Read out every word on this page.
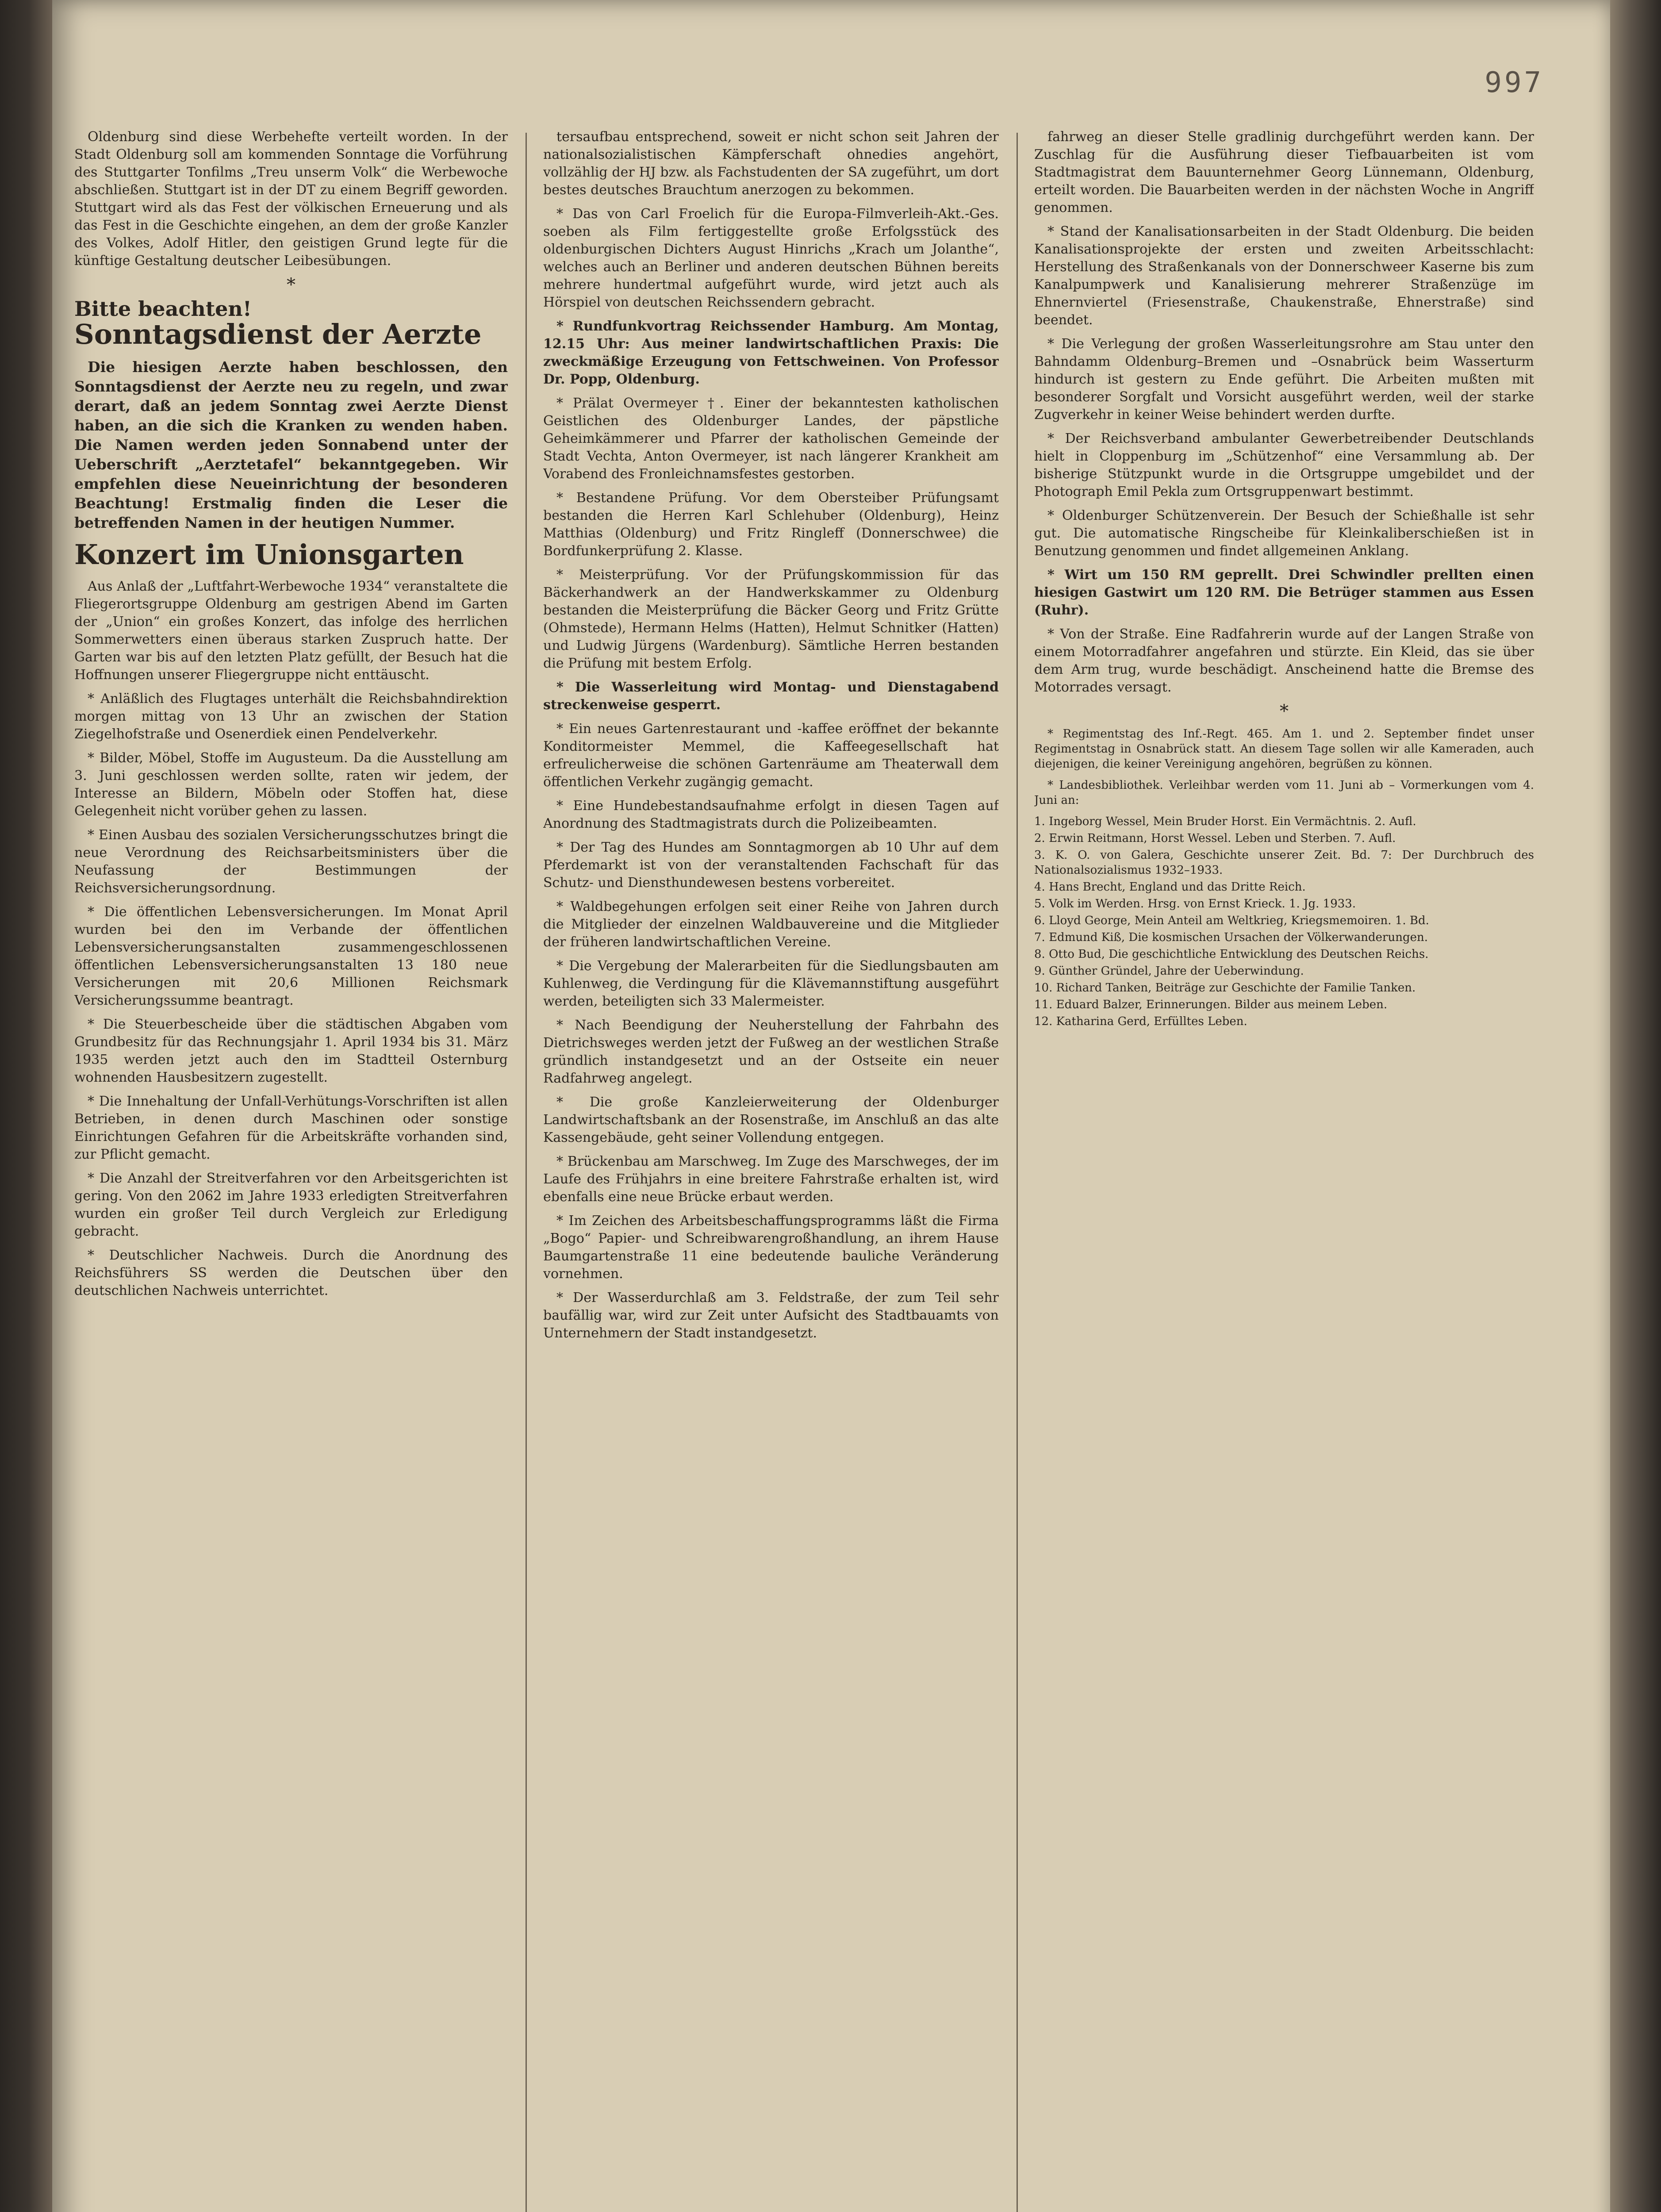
997

Oldenburg sind diese Werbehefte verteilt worden. In der Stadt Oldenburg soll am kommenden Sonntage die Vorführung des Stuttgarter Tonfilms „Treu unserm Volk“ die Werbewoche abschließen. Stuttgart ist in der DT zu einem Begriff geworden. Stuttgart wird als das Fest der völkischen Erneuerung und als das Fest in die Geschichte eingehen, an dem der große Kanzler des Volkes, Adolf Hitler, den geistigen Grund legte für die künftige Gestaltung deutscher Leibesübungen.

*
Bitte beachten!
Sonntagsdienst der Aerzte

Die hiesigen Aerzte haben beschlossen, den Sonntagsdienst der Aerzte neu zu regeln, und zwar derart, daß an jedem Sonntag zwei Aerzte Dienst haben, an die sich die Kranken zu wenden haben. Die Namen werden jeden Sonnabend unter der Ueberschrift „Aerztetafel“ bekanntgegeben. Wir empfehlen diese Neueinrichtung der besonderen Beachtung! Erstmalig finden die Leser die betreffenden Namen in der heutigen Nummer.

Konzert im Unionsgarten

Aus Anlaß der „Luftfahrt-Werbewoche 1934“ veranstaltete die Fliegerortsgruppe Oldenburg am gestrigen Abend im Garten der „Union“ ein großes Konzert, das infolge des herrlichen Sommerwetters einen überaus starken Zuspruch hatte. Der Garten war bis auf den letzten Platz gefüllt, der Besuch hat die Hoffnungen unserer Fliegergruppe nicht enttäuscht.

* Anläßlich des Flugtages unterhält die Reichsbahndirektion morgen mittag von 13 Uhr an zwischen der Station Ziegelhofstraße und Osenerdiek einen Pendelverkehr.

* Bilder, Möbel, Stoffe im Augusteum. Da die Ausstellung am 3. Juni geschlossen werden sollte, raten wir jedem, der Interesse an Bildern, Möbeln oder Stoffen hat, diese Gelegenheit nicht vorüber gehen zu lassen.

* Einen Ausbau des sozialen Versicherungsschutzes bringt die neue Verordnung des Reichsarbeitsministers über die Neufassung der Bestimmungen der Reichsversicherungsordnung.

* Die öffentlichen Lebensversicherungen. Im Monat April wurden bei den im Verbande der öffentlichen Lebensversicherungsanstalten zusammengeschlossenen öffentlichen Lebensversicherungsanstalten 13 180 neue Versicherungen mit 20,6 Millionen Reichsmark Versicherungssumme beantragt.

* Die Steuerbescheide über die städtischen Abgaben vom Grundbesitz für das Rechnungsjahr 1. April 1934 bis 31. März 1935 werden jetzt auch den im Stadtteil Osternburg wohnenden Hausbesitzern zugestellt.

* Die Innehaltung der Unfall-Verhütungs-Vorschriften ist allen Betrieben, in denen durch Maschinen oder sonstige Einrichtungen Gefahren für die Arbeitskräfte vorhanden sind, zur Pflicht gemacht.

* Die Anzahl der Streitverfahren vor den Arbeitsgerichten ist gering. Von den 2062 im Jahre 1933 erledigten Streitverfahren wurden ein großer Teil durch Vergleich zur Erledigung gebracht.

* Deutschlicher Nachweis. Durch die Anordnung des Reichsführers SS werden die Deutschen über den deutschlichen Nachweis unterrichtet.

tersaufbau entsprechend, soweit er nicht schon seit Jahren der nationalsozialistischen Kämpferschaft ohnedies angehört, vollzählig der HJ bzw. als Fachstudenten der SA zugeführt, um dort bestes deutsches Brauchtum anerzogen zu bekommen.

* Das von Carl Froelich für die Europa-Filmverleih-Akt.-Ges. soeben als Film fertiggestellte große Erfolgsstück des oldenburgischen Dichters August Hinrichs „Krach um Jolanthe“, welches auch an Berliner und anderen deutschen Bühnen bereits mehrere hundertmal aufgeführt wurde, wird jetzt auch als Hörspiel von deutschen Reichssendern gebracht.

* Rundfunkvortrag Reichssender Hamburg. Am Montag, 12.15 Uhr: Aus meiner landwirtschaftlichen Praxis: Die zweckmäßige Erzeugung von Fettschweinen. Von Professor Dr. Popp, Oldenburg.

* Prälat Overmeyer †. Einer der bekanntesten katholischen Geistlichen des Oldenburger Landes, der päpstliche Geheimkämmerer und Pfarrer der katholischen Gemeinde der Stadt Vechta, Anton Overmeyer, ist nach längerer Krankheit am Vorabend des Fronleichnamsfestes gestorben.

* Bestandene Prüfung. Vor dem Obersteiber Prüfungsamt bestanden die Herren Karl Schlehuber (Oldenburg), Heinz Matthias (Oldenburg) und Fritz Ringleff (Donnerschwee) die Bordfunkerprüfung 2. Klasse.

* Meisterprüfung. Vor der Prüfungskommission für das Bäckerhandwerk an der Handwerkskammer zu Oldenburg bestanden die Meisterprüfung die Bäcker Georg und Fritz Grütte (Ohmstede), Hermann Helms (Hatten), Helmut Schnitker (Hatten) und Ludwig Jürgens (Wardenburg). Sämtliche Herren bestanden die Prüfung mit bestem Erfolg.

* Die Wasserleitung wird Montag- und Dienstagabend streckenweise gesperrt.

* Ein neues Gartenrestaurant und -kaffee eröffnet der bekannte Konditormeister Memmel, die Kaffeegesellschaft hat erfreulicherweise die schönen Gartenräume am Theaterwall dem öffentlichen Verkehr zugängig gemacht.

* Eine Hundebestandsaufnahme erfolgt in diesen Tagen auf Anordnung des Stadtmagistrats durch die Polizeibeamten.

* Der Tag des Hundes am Sonntagmorgen ab 10 Uhr auf dem Pferdemarkt ist von der veranstaltenden Fachschaft für das Schutz- und Diensthundewesen bestens vorbereitet.

* Waldbegehungen erfolgen seit einer Reihe von Jahren durch die Mitglieder der einzelnen Waldbauvereine und die Mitglieder der früheren landwirtschaftlichen Vereine.

* Die Vergebung der Malerarbeiten für die Siedlungsbauten am Kuhlenweg, die Verdingung für die Klävemannstiftung ausgeführt werden, beteiligten sich 33 Malermeister.

* Nach Beendigung der Neuherstellung der Fahrbahn des Dietrichsweges werden jetzt der Fußweg an der westlichen Straße gründlich instandgesetzt und an der Ostseite ein neuer Radfahrweg angelegt.

* Die große Kanzleierweiterung der Oldenburger Landwirtschaftsbank an der Rosenstraße, im Anschluß an das alte Kassengebäude, geht seiner Vollendung entgegen.

* Brückenbau am Marschweg. Im Zuge des Marschweges, der im Laufe des Frühjahrs in eine breitere Fahrstraße erhalten ist, wird ebenfalls eine neue Brücke erbaut werden.

* Im Zeichen des Arbeitsbeschaffungsprogramms läßt die Firma „Bogo“ Papier- und Schreibwarengroßhandlung, an ihrem Hause Baumgartenstraße 11 eine bedeutende bauliche Veränderung vornehmen.

* Der Wasserdurchlaß am 3. Feldstraße, der zum Teil sehr baufällig war, wird zur Zeit unter Aufsicht des Stadtbauamts von Unternehmern der Stadt instandgesetzt.

fahrweg an dieser Stelle gradlinig durchgeführt werden kann. Der Zuschlag für die Ausführung dieser Tiefbauarbeiten ist vom Stadtmagistrat dem Bauunternehmer Georg Lünnemann, Oldenburg, erteilt worden. Die Bauarbeiten werden in der nächsten Woche in Angriff genommen.

* Stand der Kanalisationsarbeiten in der Stadt Oldenburg. Die beiden Kanalisationsprojekte der ersten und zweiten Arbeitsschlacht: Herstellung des Straßenkanals von der Donnerschweer Kaserne bis zum Kanalpumpwerk und Kanalisierung mehrerer Straßenzüge im Ehnernviertel (Friesenstraße, Chaukenstraße, Ehnerstraße) sind beendet.

* Die Verlegung der großen Wasserleitungsrohre am Stau unter den Bahndamm Oldenburg–Bremen und –Osnabrück beim Wasserturm hindurch ist gestern zu Ende geführt. Die Arbeiten mußten mit besonderer Sorgfalt und Vorsicht ausgeführt werden, weil der starke Zugverkehr in keiner Weise behindert werden durfte.

* Der Reichsverband ambulanter Gewerbetreibender Deutschlands hielt in Cloppenburg im „Schützenhof“ eine Versammlung ab. Der bisherige Stützpunkt wurde in die Ortsgruppe umgebildet und der Photograph Emil Pekla zum Ortsgruppenwart bestimmt.

* Oldenburger Schützenverein. Der Besuch der Schießhalle ist sehr gut. Die automatische Ringscheibe für Kleinkaliberschießen ist in Benutzung genommen und findet allgemeinen Anklang.

* Wirt um 150 RM geprellt. Drei Schwindler prellten einen hiesigen Gastwirt um 120 RM. Die Betrüger stammen aus Essen (Ruhr).

* Von der Straße. Eine Radfahrerin wurde auf der Langen Straße von einem Motorradfahrer angefahren und stürzte. Ein Kleid, das sie über dem Arm trug, wurde beschädigt. Anscheinend hatte die Bremse des Motorrades versagt.

*

* Regimentstag des Inf.-Regt. 465. Am 1. und 2. September findet unser Regimentstag in Osnabrück statt. An diesem Tage sollen wir alle Kameraden, auch diejenigen, die keiner Vereinigung angehören, begrüßen zu können.

* Landesbibliothek. Verleihbar werden vom 11. Juni ab – Vormerkungen vom 4. Juni an:

1. Ingeborg Wessel, Mein Bruder Horst. Ein Vermächtnis. 2. Aufl.
2. Erwin Reitmann, Horst Wessel. Leben und Sterben. 7. Aufl.
3. K. O. von Galera, Geschichte unserer Zeit. Bd. 7: Der Durchbruch des Nationalsozialismus 1932–1933.
4. Hans Brecht, England und das Dritte Reich.
5. Volk im Werden. Hrsg. von Ernst Krieck. 1. Jg. 1933.
6. Lloyd George, Mein Anteil am Weltkrieg, Kriegsmemoiren. 1. Bd.
7. Edmund Kiß, Die kosmischen Ursachen der Völkerwanderungen.
8. Otto Bud, Die geschichtliche Entwicklung des Deutschen Reichs.
9. Günther Gründel, Jahre der Ueberwindung.
10. Richard Tanken, Beiträge zur Geschichte der Familie Tanken.
11. Eduard Balzer, Erinnerungen. Bilder aus meinem Leben.
12. Katharina Gerd, Erfülltes Leben.
